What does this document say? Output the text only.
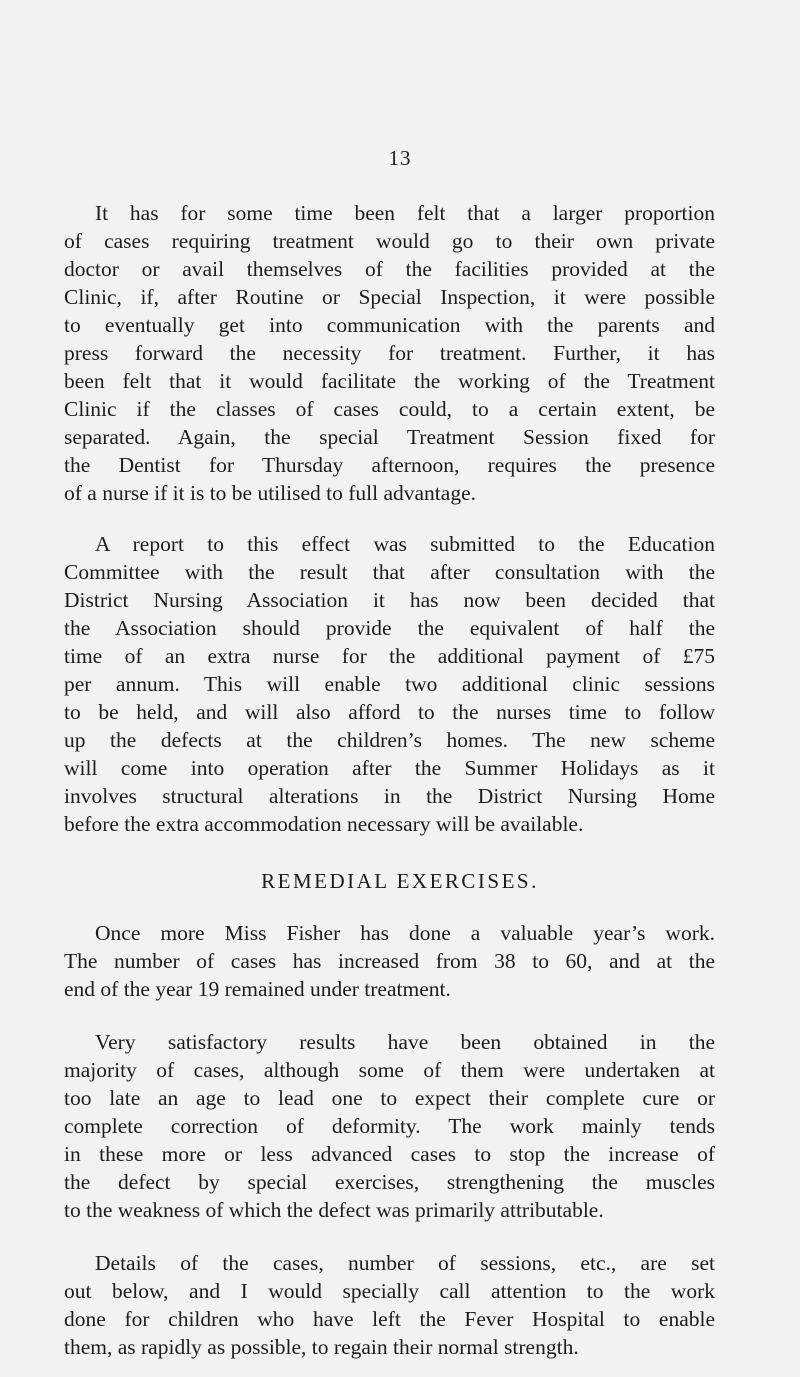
13
It has for some time been felt that a larger proportion
of cases requiring treatment would go to their own private
doctor or avail themselves of the facilities provided at the
Clinic, if, after Routine or Special Inspection, it were possible
to eventually get into communication with the parents and
press forward the necessity for treatment. Further, it has
been felt that it would facilitate the working of the Treatment
Clinic if the classes of cases could, to a certain extent, be
separated. Again, the special Treatment Session fixed for
the Dentist for Thursday afternoon, requires the presence
of a nurse if it is to be utilised to full advantage.
A report to this effect was submitted to the Education
Committee with the result that after consultation with the
District Nursing Association it has now been decided that
the Association should provide the equivalent of half the
time of an extra nurse for the additional payment of £75
per annum. This will enable two additional clinic sessions
to be held, and will also afford to the nurses time to follow
up the defects at the children’s homes. The new scheme
will come into operation after the Summer Holidays as it
involves structural alterations in the District Nursing Home
before the extra accommodation necessary will be available.
REMEDIAL EXERCISES.
Once more Miss Fisher has done a valuable year’s work.
The number of cases has increased from 38 to 60, and at the
end of the year 19 remained under treatment.
Very satisfactory results have been obtained in the
majority of cases, although some of them were undertaken at
too late an age to lead one to expect their complete cure or
complete correction of deformity. The work mainly tends
in these more or less advanced cases to stop the increase of
the defect by special exercises, strengthening the muscles
to the weakness of which the defect was primarily attributable.
Details of the cases, number of sessions, etc., are set
out below, and I would specially call attention to the work
done for children who have left the Fever Hospital to enable
them, as rapidly as possible, to regain their normal strength.
